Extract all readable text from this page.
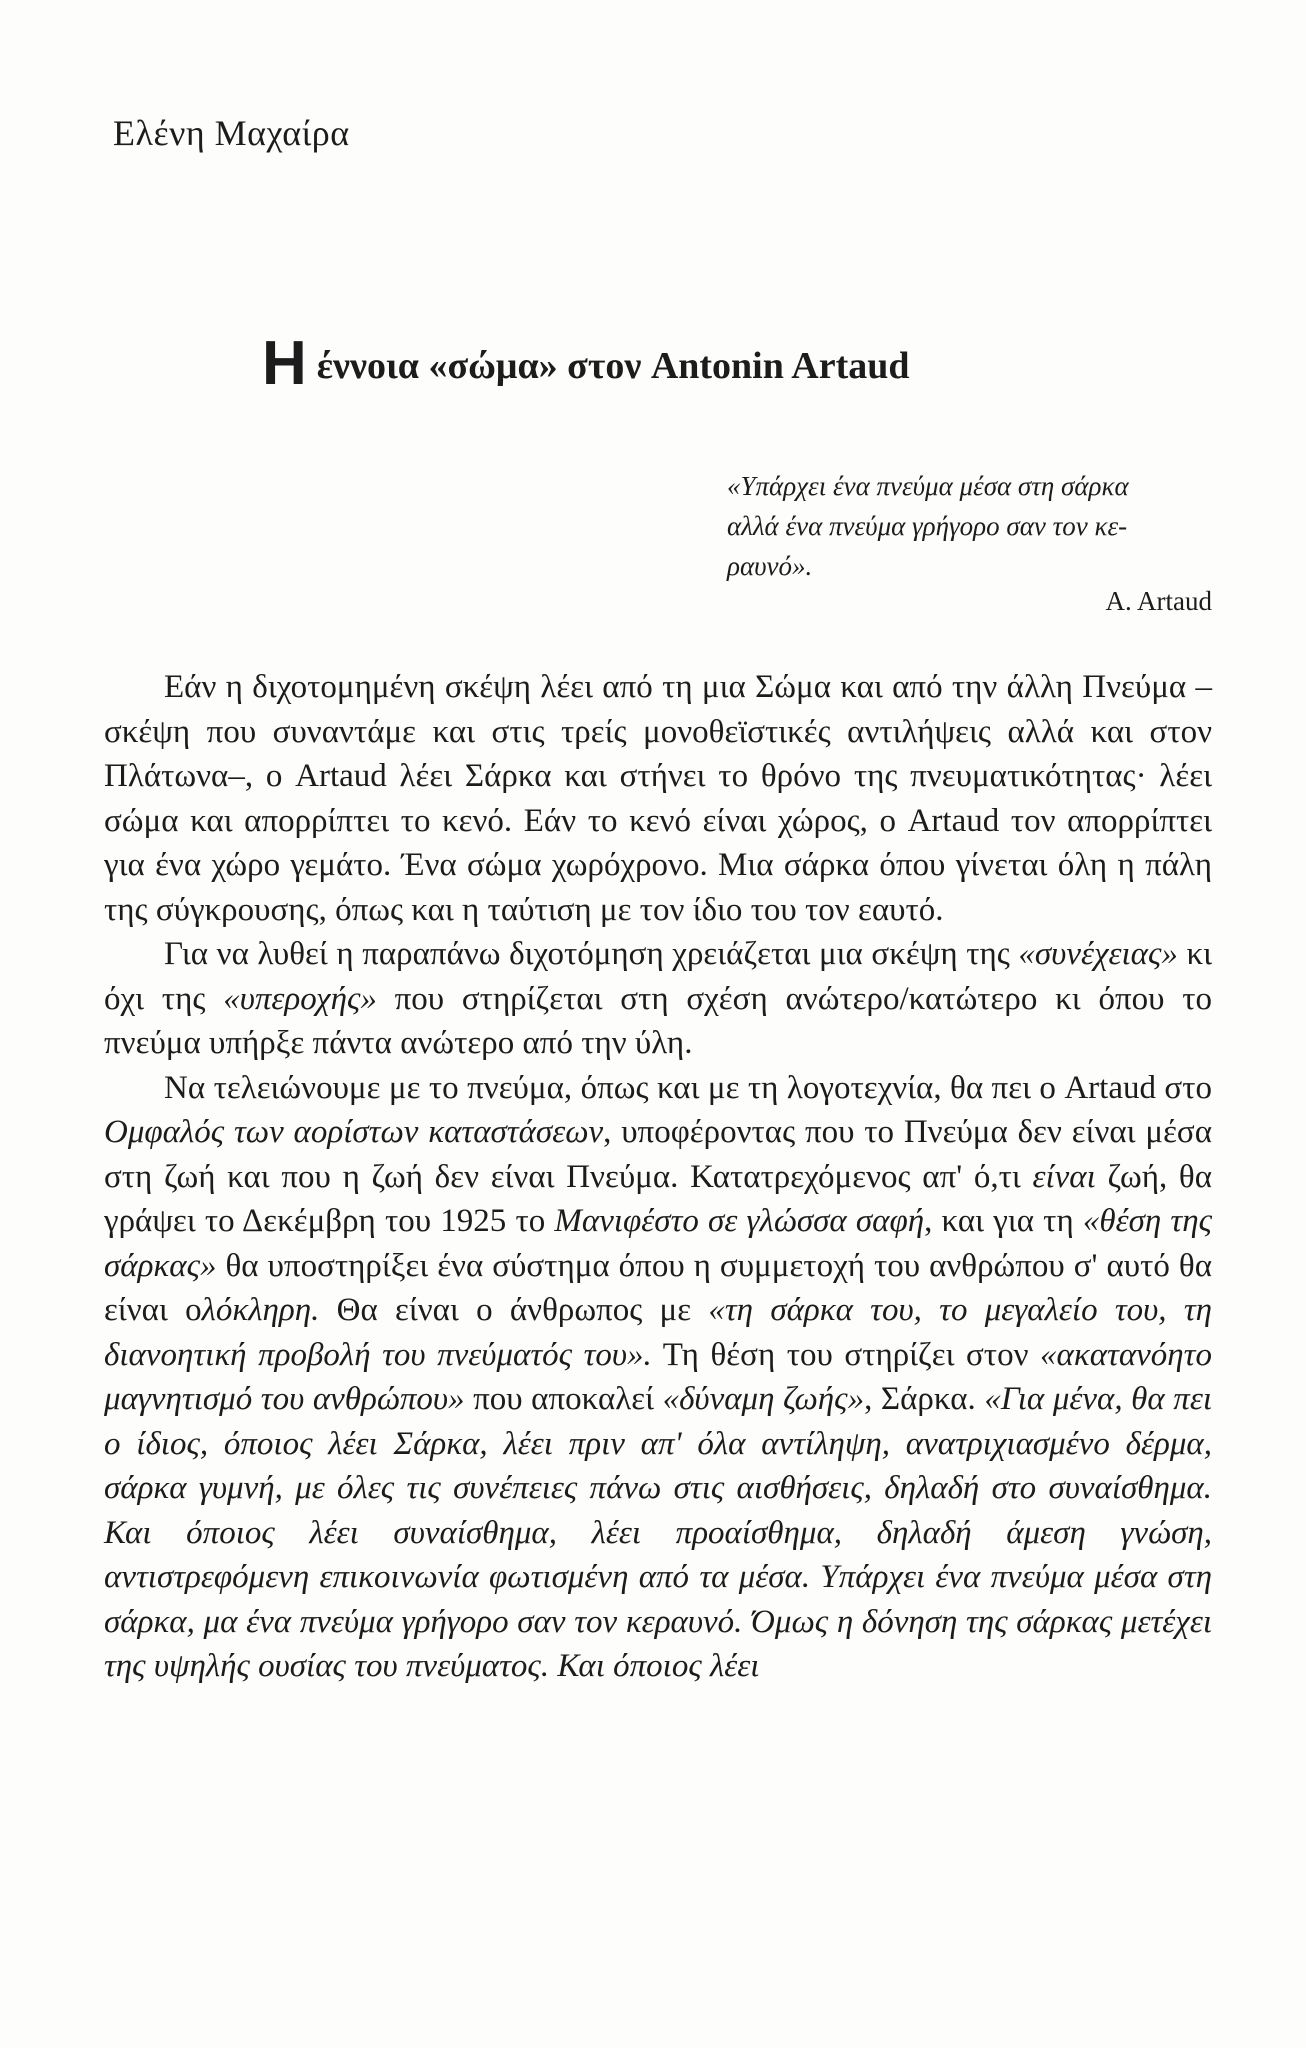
Ελένη Μαχαίρα
Ηέννοια «σώμα» στον Antonin Artaud
«Υπάρχει ένα πνεύμα μέσα στη σάρκα
αλλά ένα πνεύμα γρήγορο σαν τον κε-
ραυνό».
A. Artaud

Εάν η διχοτομημένη σκέψη λέει από τη μια Σώμα και από την άλλη Πνεύμα –σκέψη που συναντάμε και στις τρείς μονοθεϊστικές αντιλήψεις αλλά και στον Πλάτωνα–, ο Artaud λέει Σάρκα και στήνει το θρόνο της πνευματικότητας· λέει σώμα και απορρίπτει το κενό. Εάν το κενό είναι χώρος, ο Artaud τον απορρίπτει για ένα χώρο γεμάτο. Ένα σώμα χωρόχρονο. Μια σάρκα όπου γίνεται όλη η πάλη της σύγκρουσης, όπως και η ταύτιση με τον ίδιο του τον εαυτό.

Για να λυθεί η παραπάνω διχοτόμηση χρειάζεται μια σκέψη της «συνέχειας» κι όχι της «υπεροχής» που στηρίζεται στη σχέση ανώτερο/κατώτερο κι όπου το πνεύμα υπήρξε πάντα ανώτερο από την ύλη.

Να τελειώνουμε με το πνεύμα, όπως και με τη λογοτεχνία, θα πει ο Artaud στο Ομφαλός των αορίστων καταστάσεων, υποφέροντας που το Πνεύμα δεν είναι μέσα στη ζωή και που η ζωή δεν είναι Πνεύμα. Κατατρεχόμενος απ' ό,τι είναι ζωή, θα γράψει το Δεκέμβρη του 1925 το Μανιφέστο σε γλώσσα σαφή, και για τη «θέση της σάρκας» θα υποστηρίξει ένα σύστημα όπου η συμμετοχή του ανθρώπου σ' αυτό θα είναι ολόκληρη. Θα είναι ο άνθρωπος με «τη σάρκα του, το μεγαλείο του, τη διανοητική προβολή του πνεύματός του». Τη θέση του στηρίζει στον «ακατανόητο μαγνητισμό του ανθρώπου» που αποκαλεί «δύναμη ζωής», Σάρκα. «Για μένα, θα πει ο ίδιος, όποιος λέει Σάρκα, λέει πριν απ' όλα αντίληψη, ανατριχιασμένο δέρμα, σάρκα γυμνή, με όλες τις συνέπειες πάνω στις αισθήσεις, δηλαδή στο συναίσθημα. Και όποιος λέει συναίσθημα, λέει προαίσθημα, δηλαδή άμεση γνώση, αντιστρεφόμενη επικοινωνία φωτισμένη από τα μέσα. Υπάρχει ένα πνεύμα μέσα στη σάρκα, μα ένα πνεύμα γρήγορο σαν τον κεραυνό. Όμως η δόνηση της σάρκας μετέχει της υψηλής ουσίας του πνεύματος. Και όποιος λέει
